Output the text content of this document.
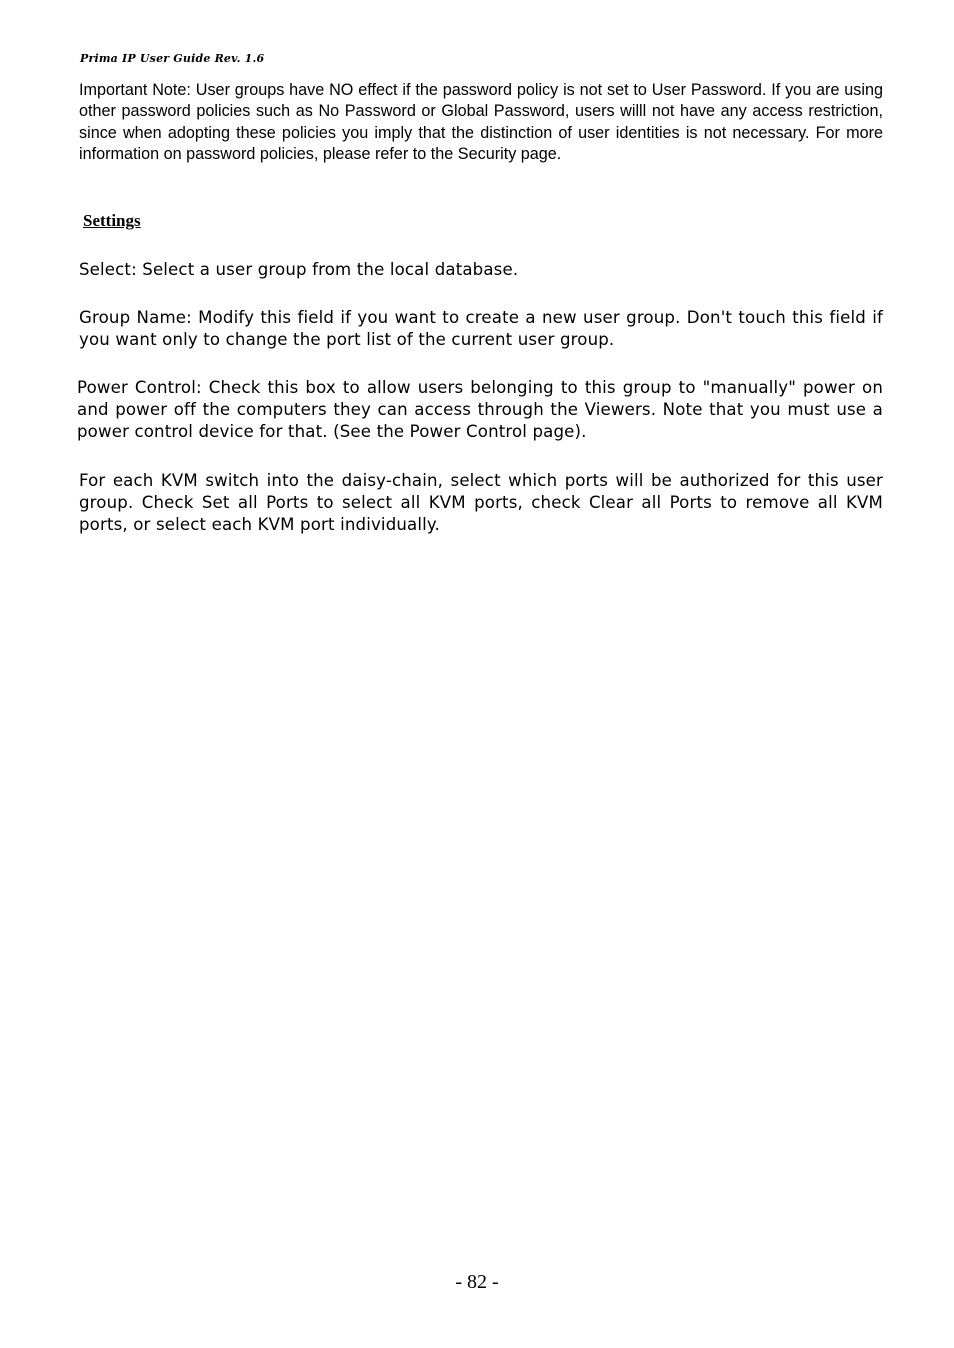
Prima IP User Guide Rev. 1.6

Important Note: User groups have NO effect if the password policy is not set to User Password. If you are using other password policies such as No Password or Global Password, users willl not have any access restriction, since when adopting these policies you imply that the distinction of user identities is not necessary. For more information on password policies, please refer to the Security page.

Settings

Select: Select a user group from the local database.

Group Name: Modify this field if you want to create a new user group. Don't touch this field if you want only to change the port list of the current user group.

Power Control: Check this box to allow users belonging to this group to "manually" power on and power off the computers they can access through the Viewers. Note that you must use a power control device for that. (See the Power Control page).

For each KVM switch into the daisy-chain, select which ports will be authorized for this user group. Check Set all Ports to select all KVM ports, check Clear all Ports to remove all KVM ports, or select each KVM port individually.

- 82 -
